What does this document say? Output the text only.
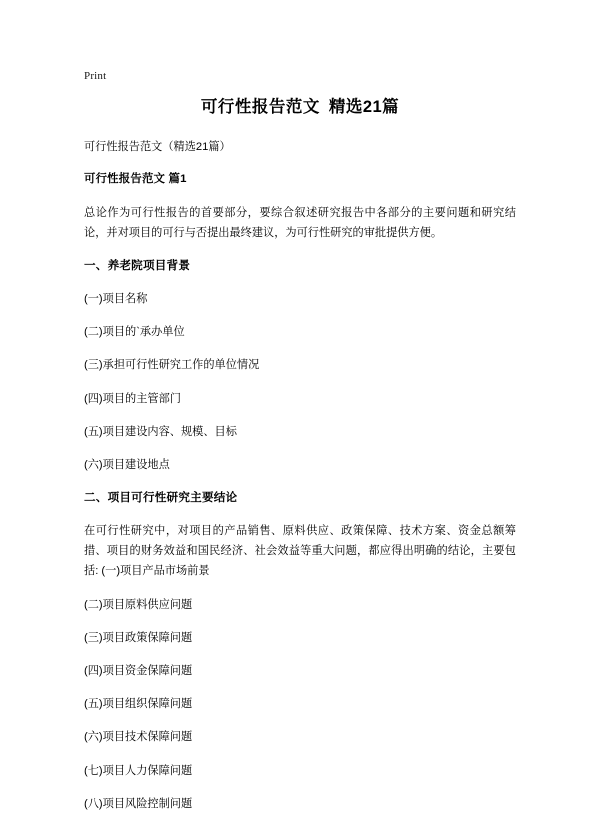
Print
可行性报告范文 精选21篇

可行性报告范文（精选21篇）

可行性报告范文 篇1

总论作为可行性报告的首要部分，要综合叙述研究报告中各部分的主要问题和研究结论，并对项目的可行与否提出最终建议，为可行性研究的审批提供方便。

一、养老院项目背景

(一)项目名称

(二)项目的`承办单位

(三)承担可行性研究工作的单位情况

(四)项目的主管部门

(五)项目建设内容、规模、目标

(六)项目建设地点

二、项目可行性研究主要结论

在可行性研究中，对项目的产品销售、原料供应、政策保障、技术方案、资金总额筹措、项目的财务效益和国民经济、社会效益等重大问题，都应得出明确的结论，主要包括: (一)项目产品市场前景

(二)项目原料供应问题

(三)项目政策保障问题

(四)项目资金保障问题

(五)项目组织保障问题

(六)项目技术保障问题

(七)项目人力保障问题

(八)项目风险控制问题
